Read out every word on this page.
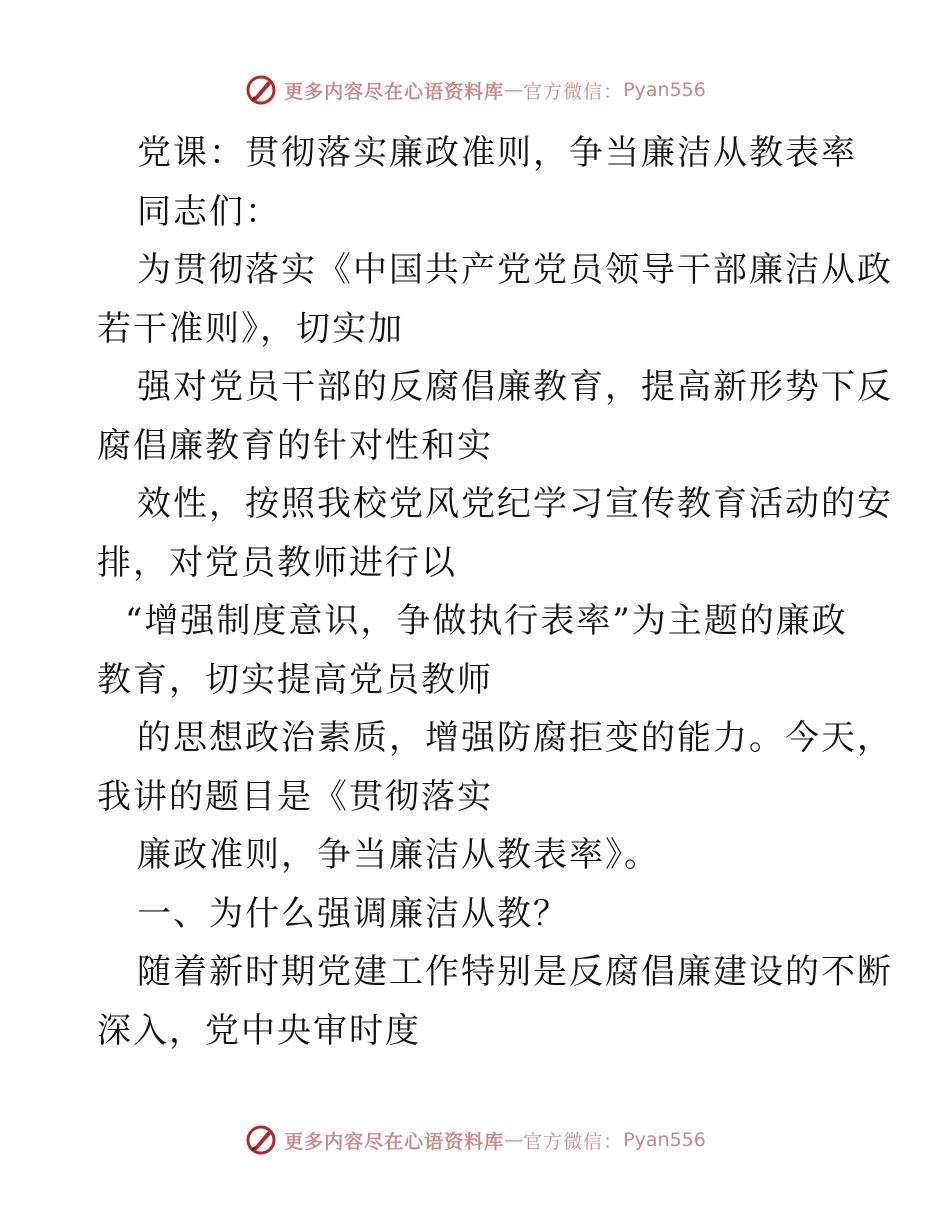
更多内容尽在心语资料库 — 官方微信： Pyan556
党课：贯彻落实廉政准则，争当廉洁从教表率
同志们：
为贯彻落实《中国共产党党员领导干部廉洁从政
若干准则》，切实加
强对党员干部的反腐倡廉教育，提高新形势下反
腐倡廉教育的针对性和实
效性，按照我校党风党纪学习宣传教育活动的安
排，对党员教师进行以
“增强制度意识，争做执行表率”为主题的廉政
教育，切实提高党员教师
的思想政治素质，增强防腐拒变的能力。今天，
我讲的题目是《贯彻落实
廉政准则，争当廉洁从教表率》。
一、为什么强调廉洁从教？
随着新时期党建工作特别是反腐倡廉建设的不断
深入，党中央审时度
更多内容尽在心语资料库 — 官方微信： Pyan556
